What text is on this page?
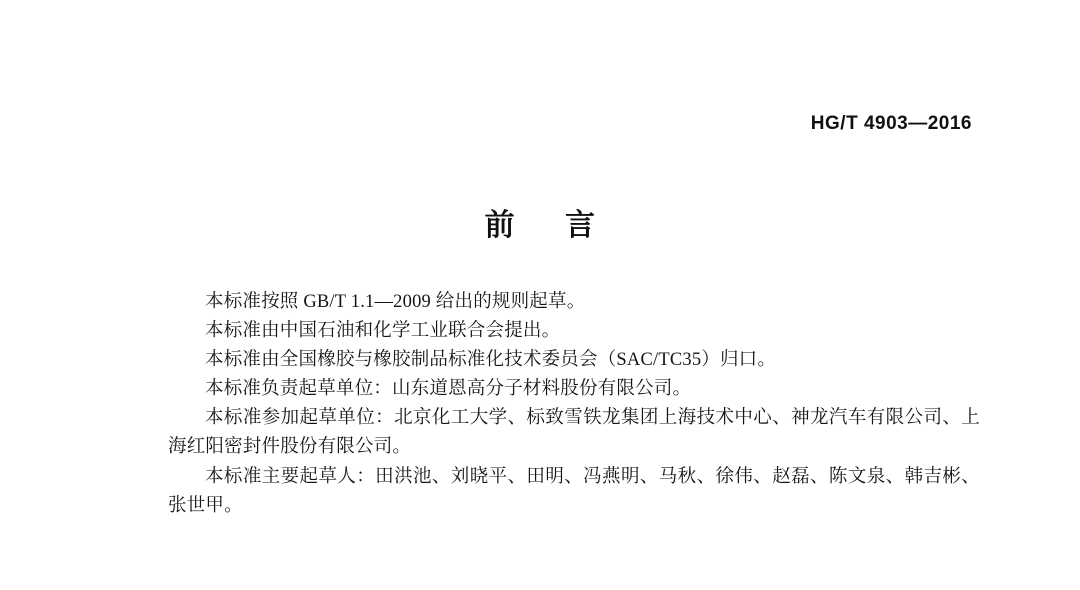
HG/T 4903—2016
前 言

本标准按照 GB/T 1.1—2009 给出的规则起草。

本标准由中国石油和化学工业联合会提出。

本标准由全国橡胶与橡胶制品标准化技术委员会（SAC/TC35）归口。

本标准负责起草单位：山东道恩高分子材料股份有限公司。

本标准参加起草单位：北京化工大学、标致雪铁龙集团上海技术中心、神龙汽车有限公司、上海红阳密封件股份有限公司。

本标准主要起草人：田洪池、刘晓平、田明、冯燕明、马秋、徐伟、赵磊、陈文泉、韩吉彬、张世甲。
